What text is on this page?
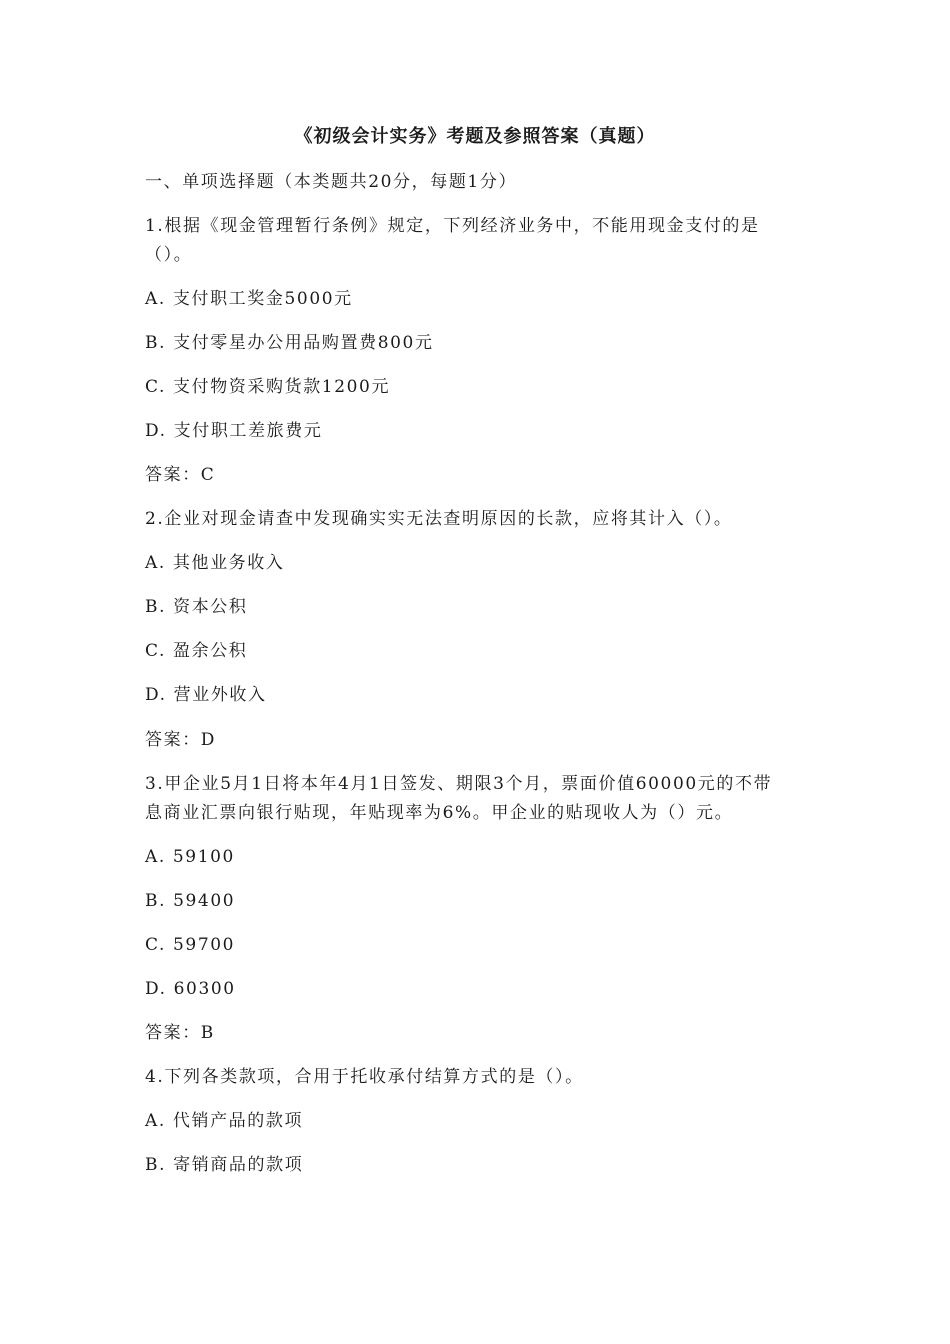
《初级会计实务》考题及参照答案（真题）
一、单项选择题（本类题共20分，每题1分）
1.根据《现金管理暂行条例》规定，下列经济业务中，不能用现金支付的是
（）。
A. 支付职工奖金5000元
B. 支付零星办公用品购置费800元
C. 支付物资采购货款1200元
D. 支付职工差旅费元
答案：C
2.企业对现金请查中发现确实实无法查明原因的长款，应将其计入（）。
A. 其他业务收入
B. 资本公积
C. 盈余公积
D. 营业外收入
答案：D
3.甲企业5月1日将本年4月1日签发、期限3个月，票面价值60000元的不带
息商业汇票向银行贴现，年贴现率为6%。甲企业的贴现收人为（）元。
A. 59100
B. 59400
C. 59700
D. 60300
答案：B
4.下列各类款项，合用于托收承付结算方式的是（）。
A. 代销产品的款项
B. 寄销商品的款项
